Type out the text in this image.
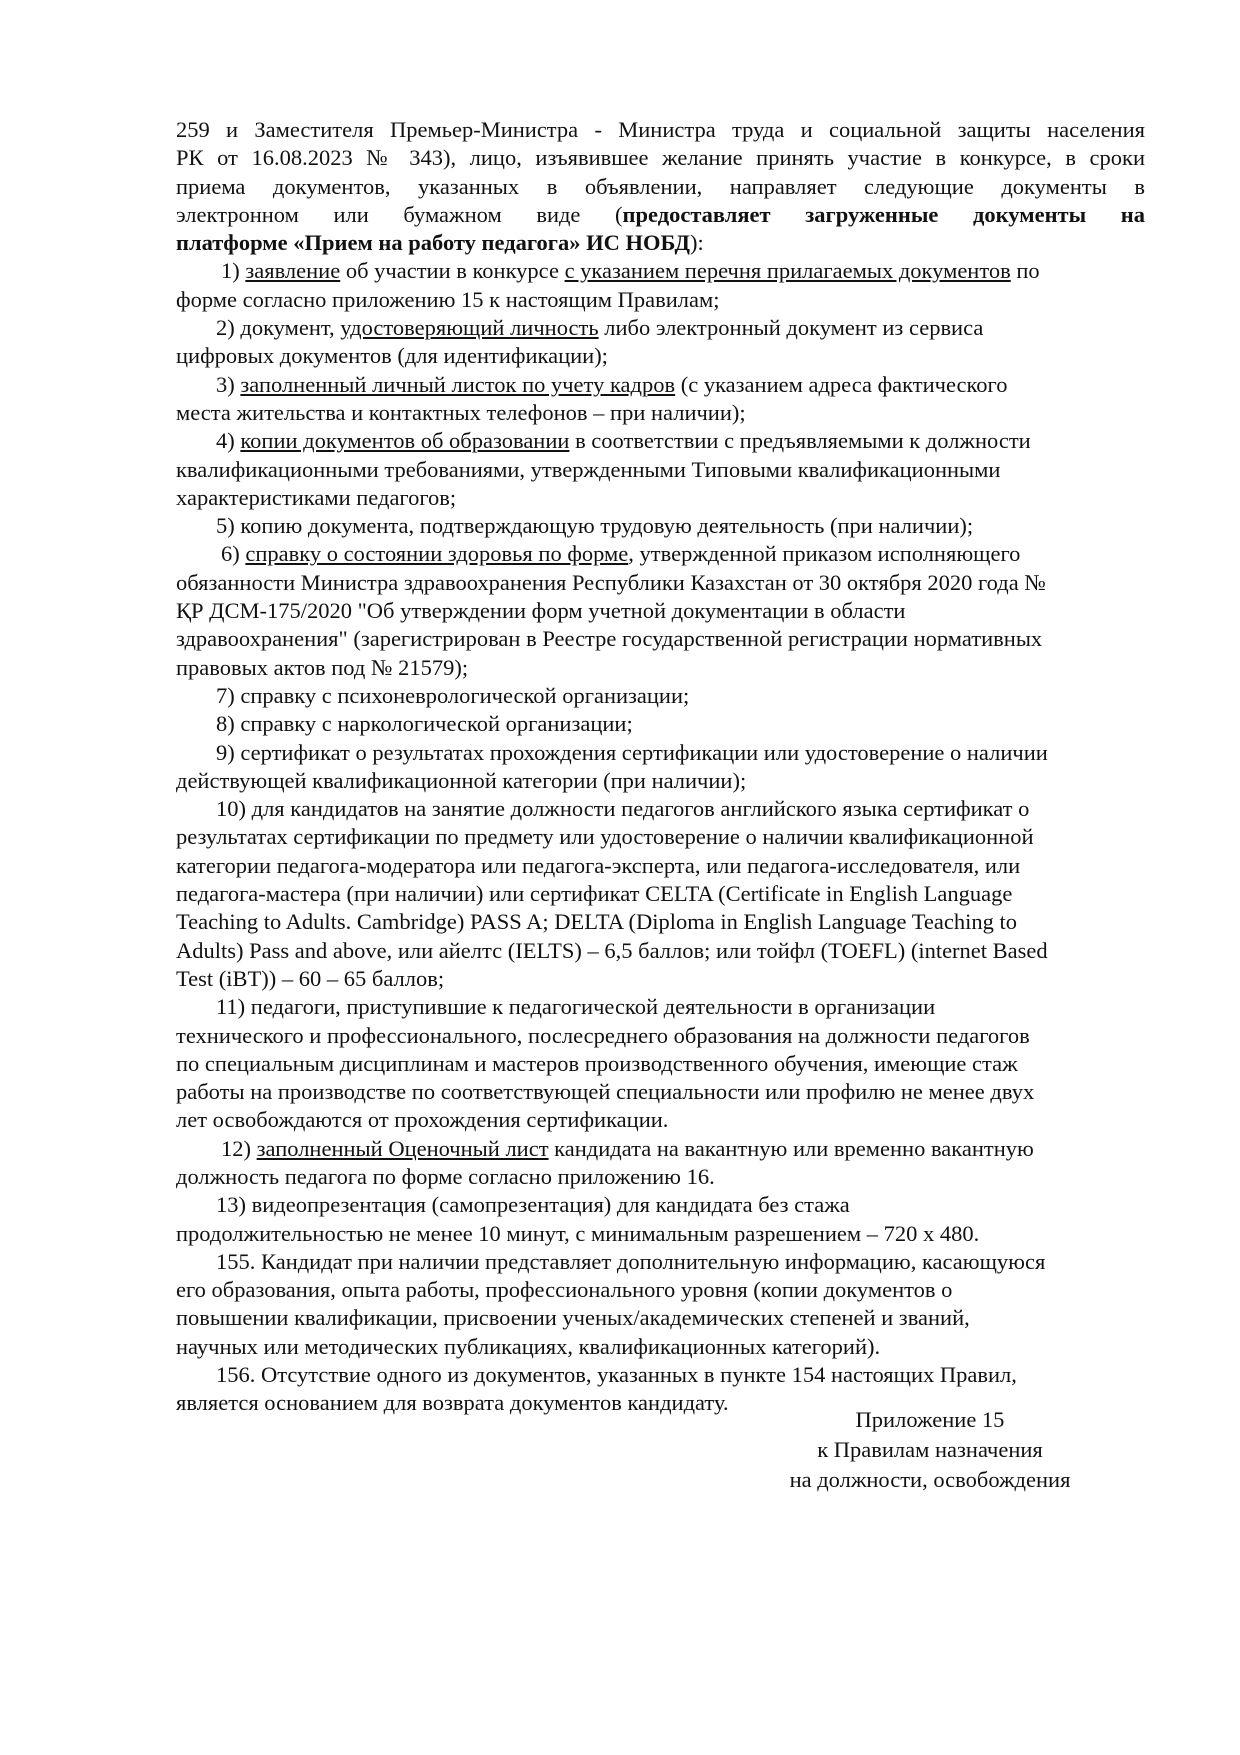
259 и Заместителя Премьер-Министра - Министра труда и социальной защиты населения
РК от 16.08.2023 № 343), лицо, изъявившее желание принять участие в конкурсе, в сроки
приема документов, указанных в объявлении, направляет следующие документы в
электронном или бумажном виде (предоставляет загруженные документы на
платформе «Прием на работу педагога» ИС НОБД):
1) заявление об участии в конкурсе с указанием перечня прилагаемых документов по
форме согласно приложению 15 к настоящим Правилам;
2) документ, удостоверяющий личность либо электронный документ из сервиса
цифровых документов (для идентификации);
3) заполненный личный листок по учету кадров (с указанием адреса фактического
места жительства и контактных телефонов – при наличии);
4) копии документов об образовании в соответствии с предъявляемыми к должности
квалификационными требованиями, утвержденными Типовыми квалификационными
характеристиками педагогов;
5) копию документа, подтверждающую трудовую деятельность (при наличии);
6) справку о состоянии здоровья по форме, утвержденной приказом исполняющего
обязанности Министра здравоохранения Республики Казахстан от 30 октября 2020 года №
ҚР ДСМ-175/2020 "Об утверждении форм учетной документации в области
здравоохранения" (зарегистрирован в Реестре государственной регистрации нормативных
правовых актов под № 21579);
7) справку с психоневрологической организации;
8) справку с наркологической организации;
9) сертификат о результатах прохождения сертификации или удостоверение о наличии
действующей квалификационной категории (при наличии);
10) для кандидатов на занятие должности педагогов английского языка сертификат о
результатах сертификации по предмету или удостоверение о наличии квалификационной
категории педагога-модератора или педагога-эксперта, или педагога-исследователя, или
педагога-мастера (при наличии) или сертификат CELTA (Certificate in English Language
Teaching to Adults. Cambridge) PASS A; DELTA (Diploma in English Language Teaching to
Adults) Pass and above, или айелтс (IELTS) – 6,5 баллов; или тойфл (TOEFL) (internet Based
Test (iBT)) – 60 – 65 баллов;
11) педагоги, приступившие к педагогической деятельности в организации
технического и профессионального, послесреднего образования на должности педагогов
по специальным дисциплинам и мастеров производственного обучения, имеющие стаж
работы на производстве по соответствующей специальности или профилю не менее двух
лет освобождаются от прохождения сертификации.
12) заполненный Оценочный лист кандидата на вакантную или временно вакантную
должность педагога по форме согласно приложению 16.
13) видеопрезентация (самопрезентация) для кандидата без стажа
продолжительностью не менее 10 минут, с минимальным разрешением – 720 х 480.
155. Кандидат при наличии представляет дополнительную информацию, касающуюся
его образования, опыта работы, профессионального уровня (копии документов о
повышении квалификации, присвоении ученых/академических степеней и званий,
научных или методических публикациях, квалификационных категорий).
156. Отсутствие одного из документов, указанных в пункте 154 настоящих Правил,
является основанием для возврата документов кандидату.
Приложение 15
к Правилам назначения
на должности, освобождения
